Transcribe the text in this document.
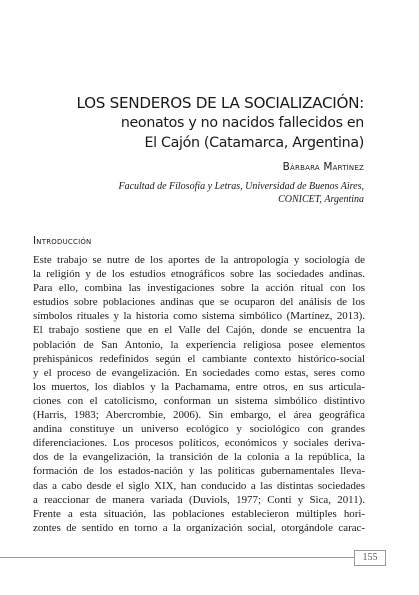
LOS SENDEROS DE LA SOCIALIZACIÓN:
neonatos y no nacidos fallecidos en
El Cajón (Catamarca, Argentina)
Bárbara Martínez
Facultad de Filosofía y Letras, Universidad de Buenos Aires,
CONICET, Argentina
Introducción
Este trabajo se nutre de los aportes de la antropología y sociología de
la religión y de los estudios etnográficos sobre las sociedades andinas.
Para ello, combina las investigaciones sobre la acción ritual con los
estudios sobre poblaciones andinas que se ocuparon del análisis de los
símbolos rituales y la historia como sistema simbólico (Martínez, 2013).
El trabajo sostiene que en el Valle del Cajón, donde se encuentra la
población de San Antonio, la experiencia religiosa posee elementos
prehispánicos redefinidos según el cambiante contexto histórico-social
y el proceso de evangelización. En sociedades como estas, seres como
los muertos, los diablos y la Pachamama, entre otros, en sus articula-
ciones con el catolicismo, conforman un sistema simbólico distintivo
(Harris, 1983; Abercrombie, 2006). Sin embargo, el área geográfica
andina constituye un universo ecológico y sociológico con grandes
diferenciaciones. Los procesos políticos, económicos y sociales deriva-
dos de la evangelización, la transición de la colonia a la república, la
formación de los estados-nación y las políticas gubernamentales lleva-
das a cabo desde el siglo XIX, han conducido a las distintas sociedades
a reaccionar de manera variada (Duviols, 1977; Conti y Sica, 2011).
Frente a esta situación, las poblaciones establecieron múltiples hori-
zontes de sentido en torno a la organización social, otorgándole carac-
155
